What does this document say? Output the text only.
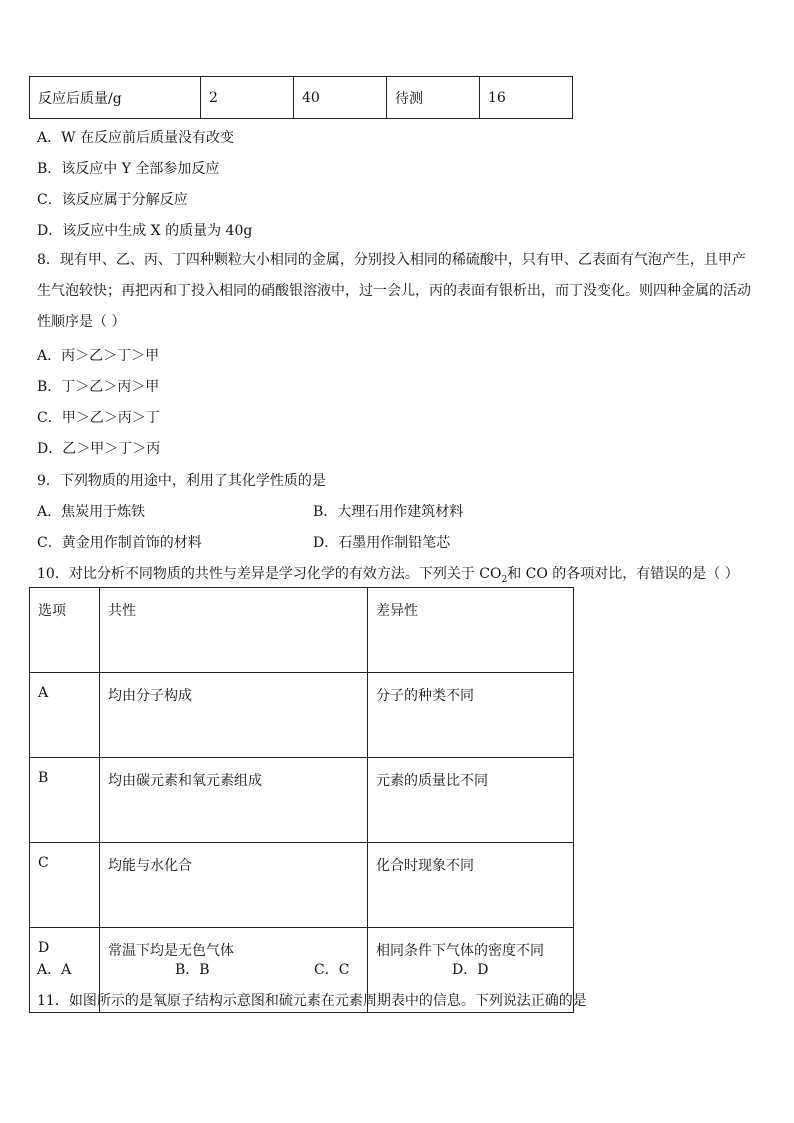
反应后质量/g	2	40	待测	16
A．W 在反应前后质量没有改变
B．该反应中 Y 全部参加反应
C．该反应属于分解反应
D．该反应中生成 X 的质量为 40g
8．现有甲、乙、丙、丁四种颗粒大小相同的金属，分别投入相同的稀硫酸中，只有甲、乙表面有气泡产生，且甲产生气泡较快；再把丙和丁投入相同的硝酸银溶液中，过一会儿，丙的表面有银析出，而丁没变化。则四种金属的活动性顺序是（ ）
A．丙＞乙＞丁＞甲
B．丁＞乙＞丙＞甲
C．甲＞乙＞丙＞丁
D．乙＞甲＞丁＞丙
9．下列物质的用途中，利用了其化学性质的是
A．焦炭用于炼铁	B．大理石用作建筑材料
C．黄金用作制首饰的材料	D．石墨用作制铅笔芯
10．对比分析不同物质的共性与差异是学习化学的有效方法。下列关于 $CO_2$和 CO 的各项对比，有错误的是（ ）
选项	共性	差异性
A	均由分子构成	分子的种类不同
B	均由碳元素和氧元素组成	元素的质量比不同
C	均能与水化合	化合时现象不同
D	常温下均是无色气体	相同条件下气体的密度不同
A．A	B．B	C．C	D．D
11．如图所示的是氧原子结构示意图和硫元素在元素周期表中的信息。下列说法正确的是
